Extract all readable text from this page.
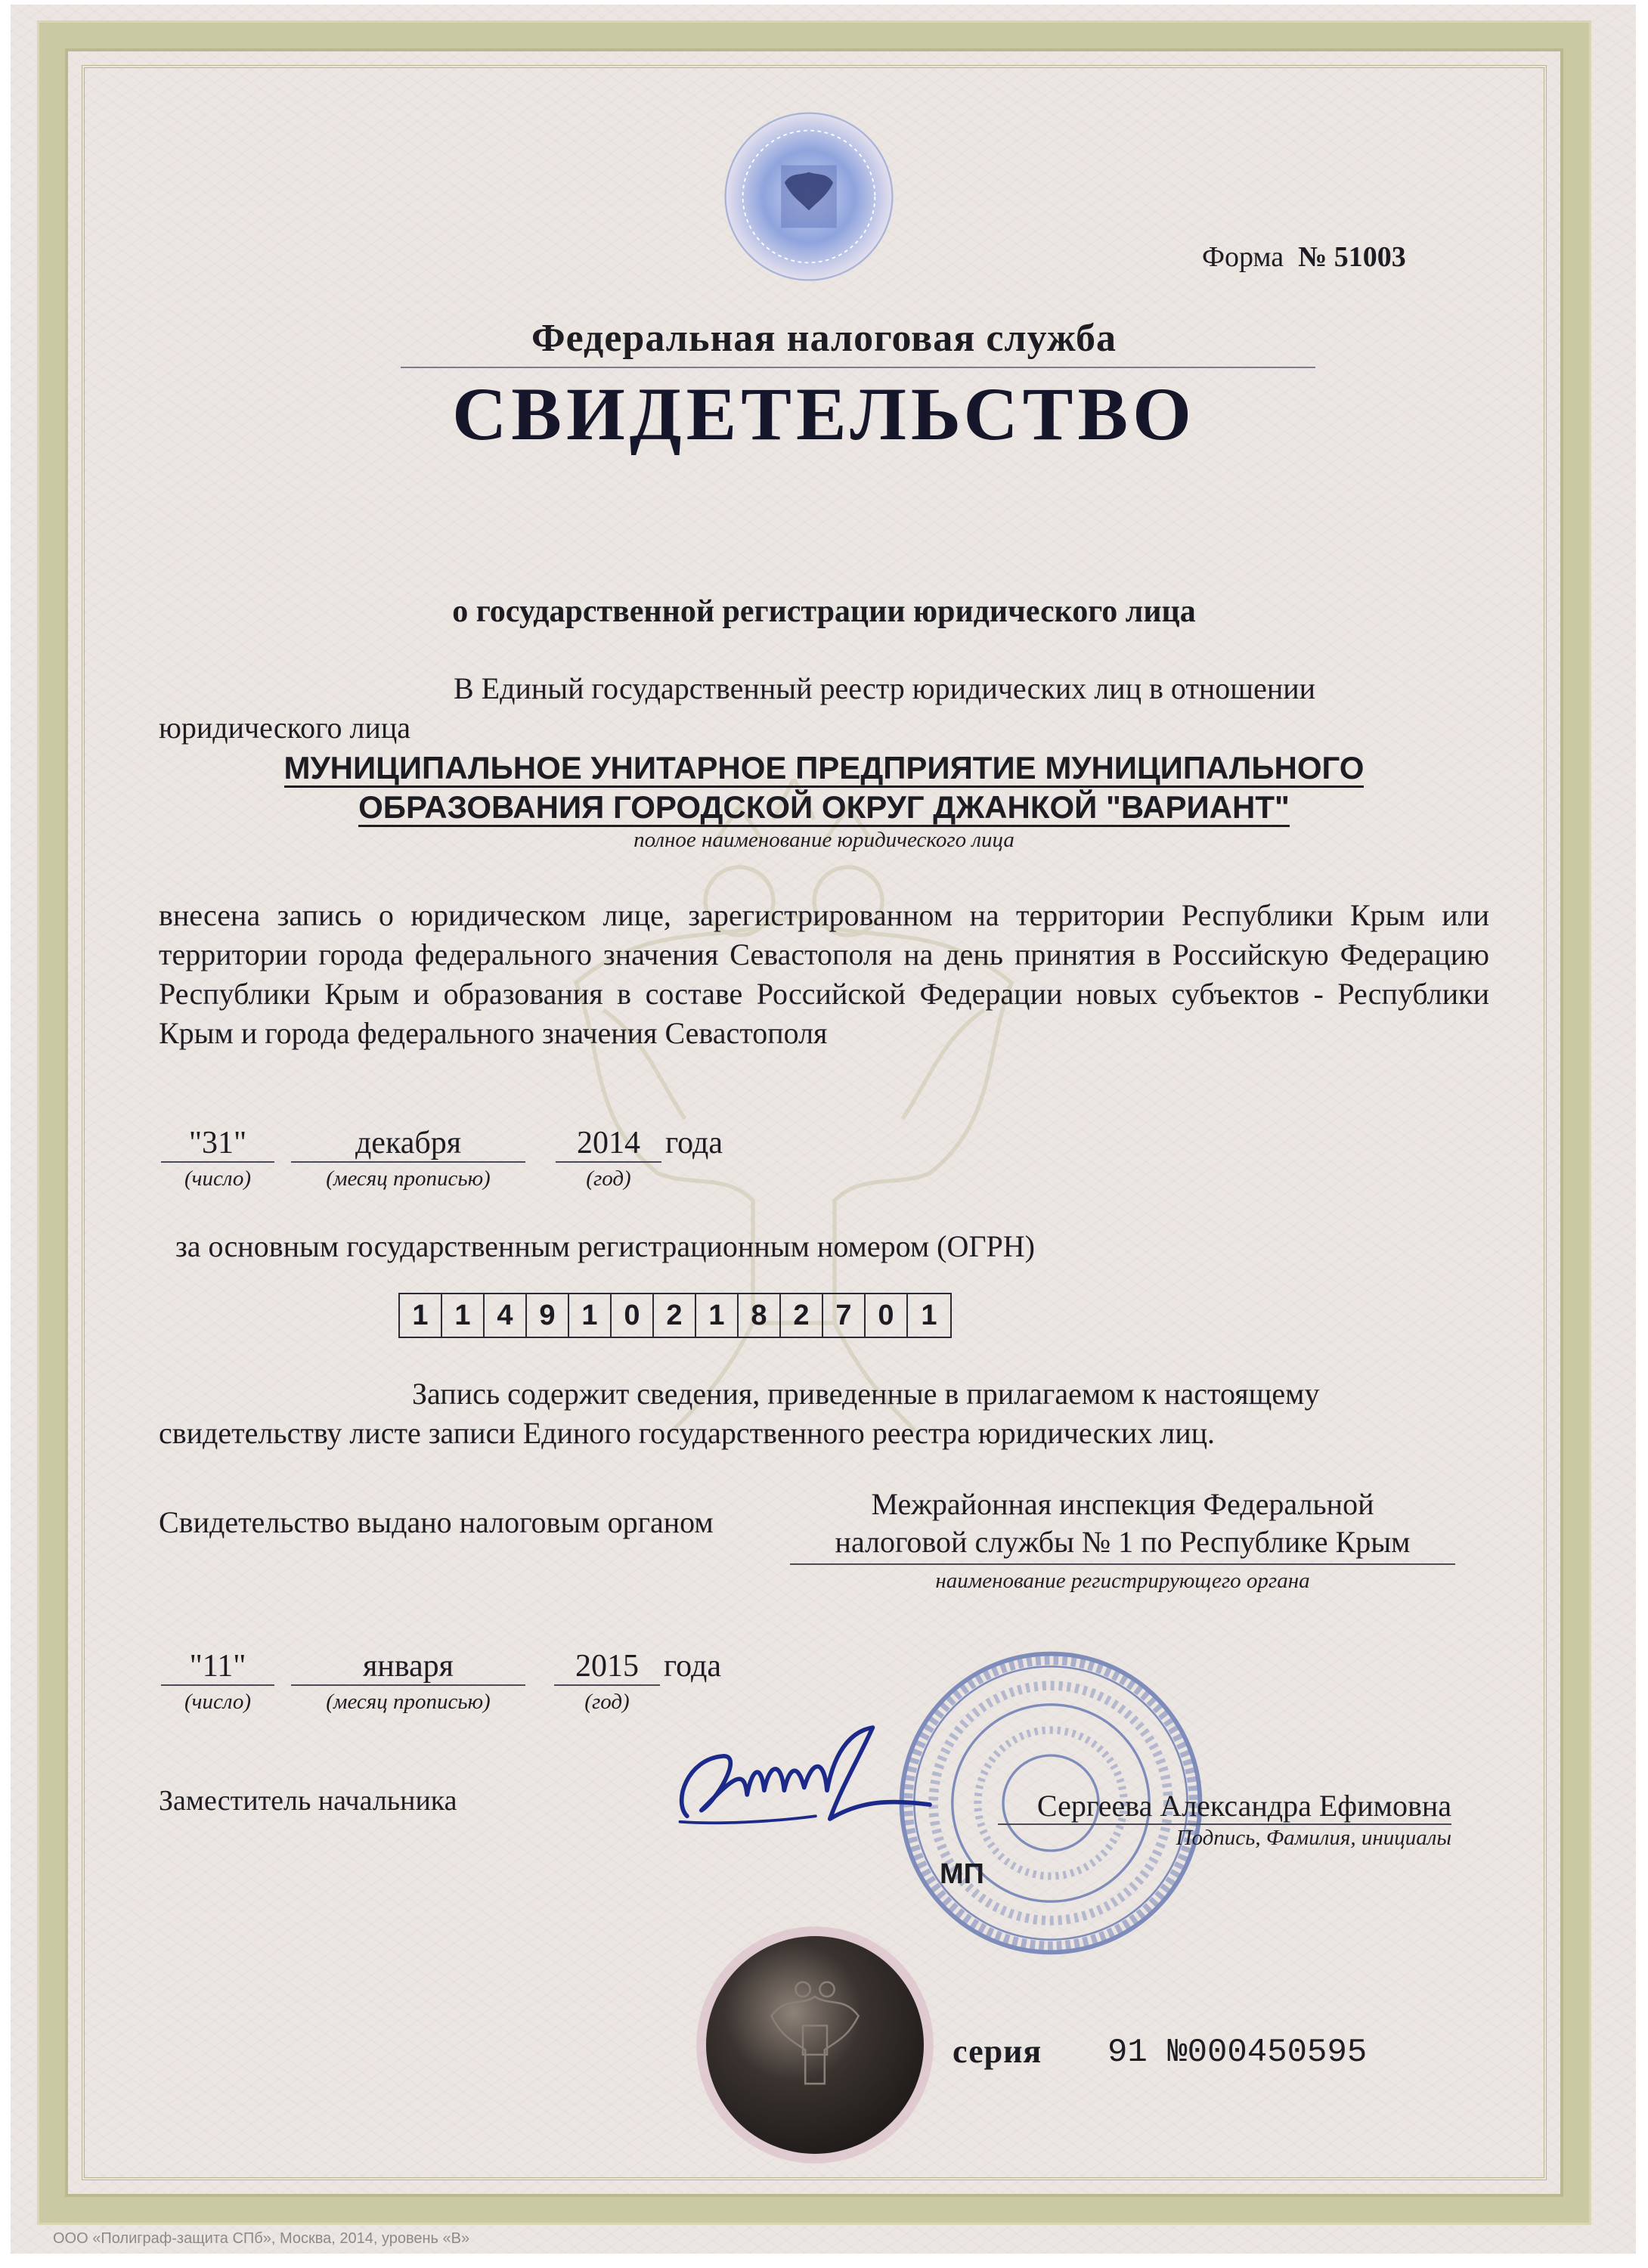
Форма № 51003
Федеральная налоговая служба
СВИДЕТЕЛЬСТВО
о государственной регистрации юридического лица
В Единый государственный реестр юридических лиц в отношении
юридического лица
МУНИЦИПАЛЬНОЕ УНИТАРНОЕ ПРЕДПРИЯТИЕ МУНИЦИПАЛЬНОГО
ОБРАЗОВАНИЯ ГОРОДСКОЙ ОКРУГ ДЖАНКОЙ "ВАРИАНТ"
полное наименование юридического лица
внесена запись о юридическом лице, зарегистрированном на территории Республики Крым или территории города федерального значения Севастополя на день принятия в Российскую Федерацию Республики Крым и образования в составе Российской Федерации новых субъектов - Республики Крым и города федерального значения Севастополя
"31"	декабря	2014 года
(число)	(месяц прописью)	(год)
за основным государственным регистрационным номером (ОГРН)
1 1 4 9 1 0 2 1 8 2 7 0 1
Запись содержит сведения, приведенные в прилагаемом к настоящему
свидетельству листе записи Единого государственного реестра юридических лиц.
Свидетельство выдано налоговым органом
Межрайонная инспекция Федеральной
налоговой службы № 1 по Республике Крым
наименование регистрирующего органа
"11"	января	2015 года
(число)	(месяц прописью)	(год)
Заместитель начальника	Сергеева Александра Ефимовна
Подпись, Фамилия, инициалы
МП
серия 91 №000450595
ООО «Полиграф-защита СПб», Москва, 2014, уровень «В»
